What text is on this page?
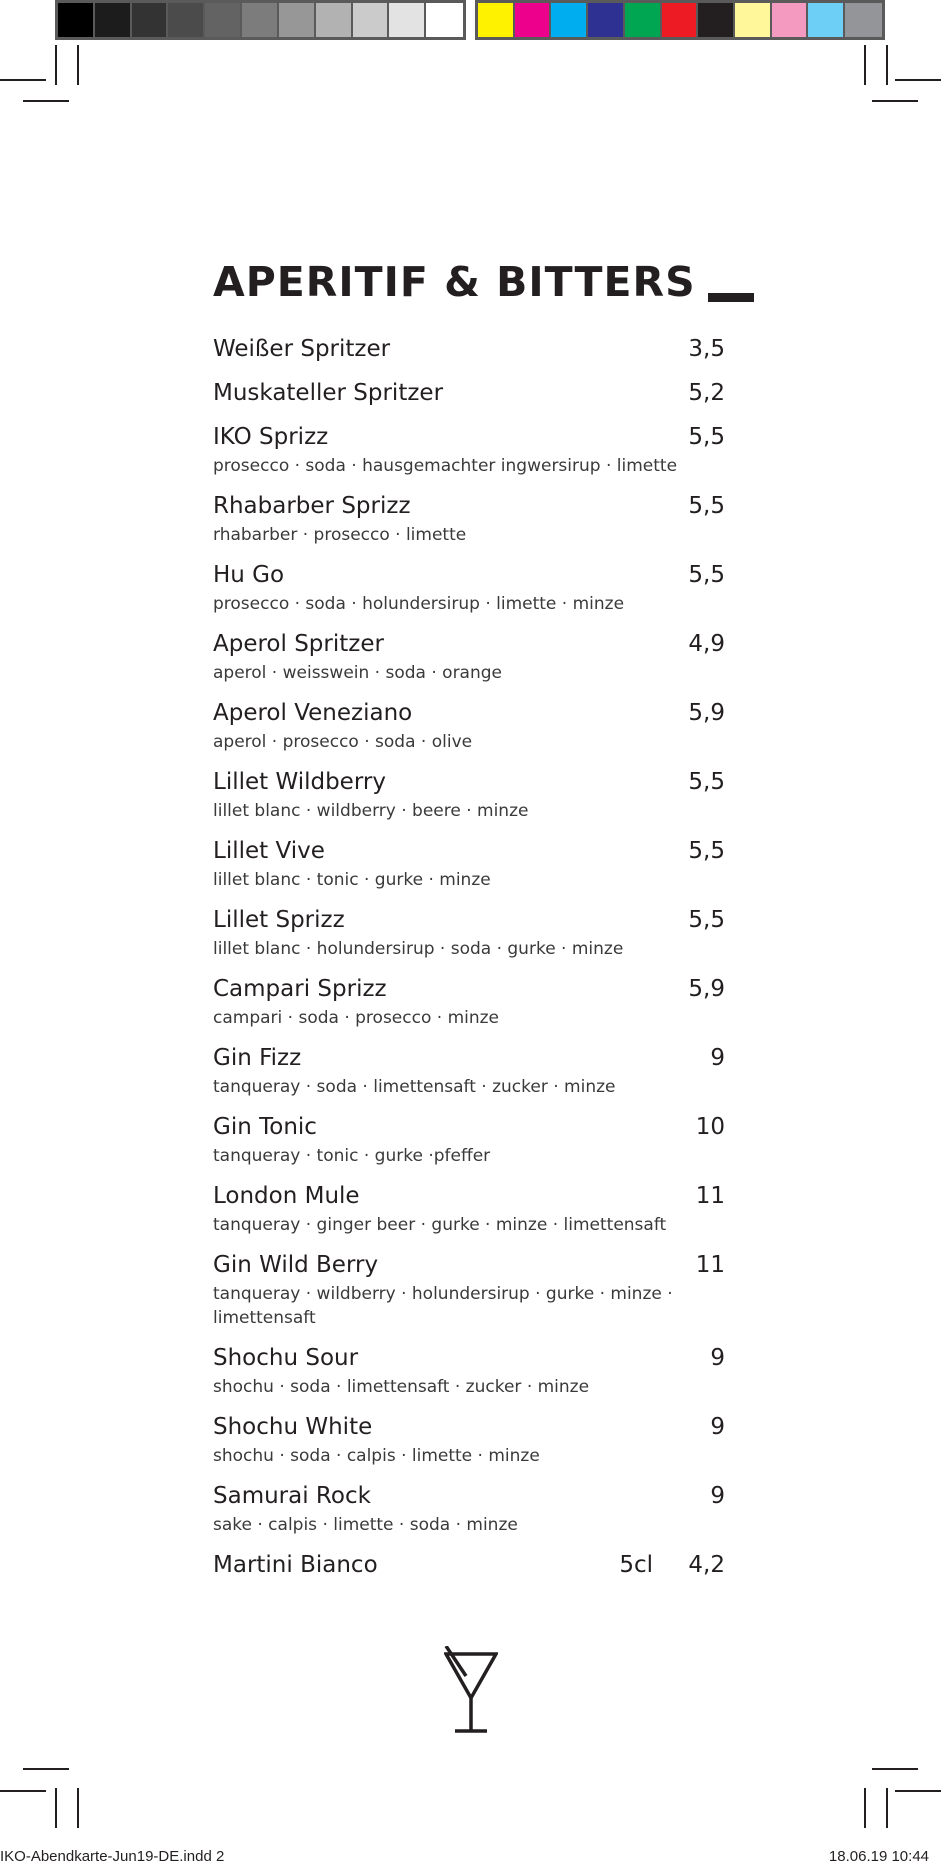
APERITIF & BITTERS
Weißer Spritzer	3,5
Muskateller Spritzer	5,2
IKO Sprizz	5,5
prosecco · soda · hausgemachter ingwersirup · limette
Rhabarber Sprizz	5,5
rhabarber · prosecco · limette
Hu Go	5,5
prosecco · soda · holundersirup · limette · minze
Aperol Spritzer	4,9
aperol · weisswein · soda · orange
Aperol Veneziano	5,9
aperol · prosecco · soda · olive
Lillet Wildberry	5,5
lillet blanc · wildberry · beere · minze
Lillet Vive	5,5
lillet blanc · tonic · gurke · minze
Lillet Sprizz	5,5
lillet blanc · holundersirup · soda · gurke · minze
Campari Sprizz	5,9
campari · soda · prosecco · minze
Gin Fizz	9
tanqueray · soda · limettensaft · zucker · minze
Gin Tonic	10
tanqueray · tonic · gurke ·pfeffer
London Mule	11
tanqueray · ginger beer · gurke · minze · limettensaft
Gin Wild Berry	11
tanqueray · wildberry · holundersirup · gurke · minze · limettensaft
Shochu Sour	9
shochu · soda · limettensaft · zucker · minze
Shochu White	9
shochu · soda · calpis · limette · minze
Samurai Rock	9
sake · calpis · limette · soda · minze
Martini Bianco	5cl 4,2
IKO-Abendkarte-Jun19-DE.indd 2	18.06.19 10:44
